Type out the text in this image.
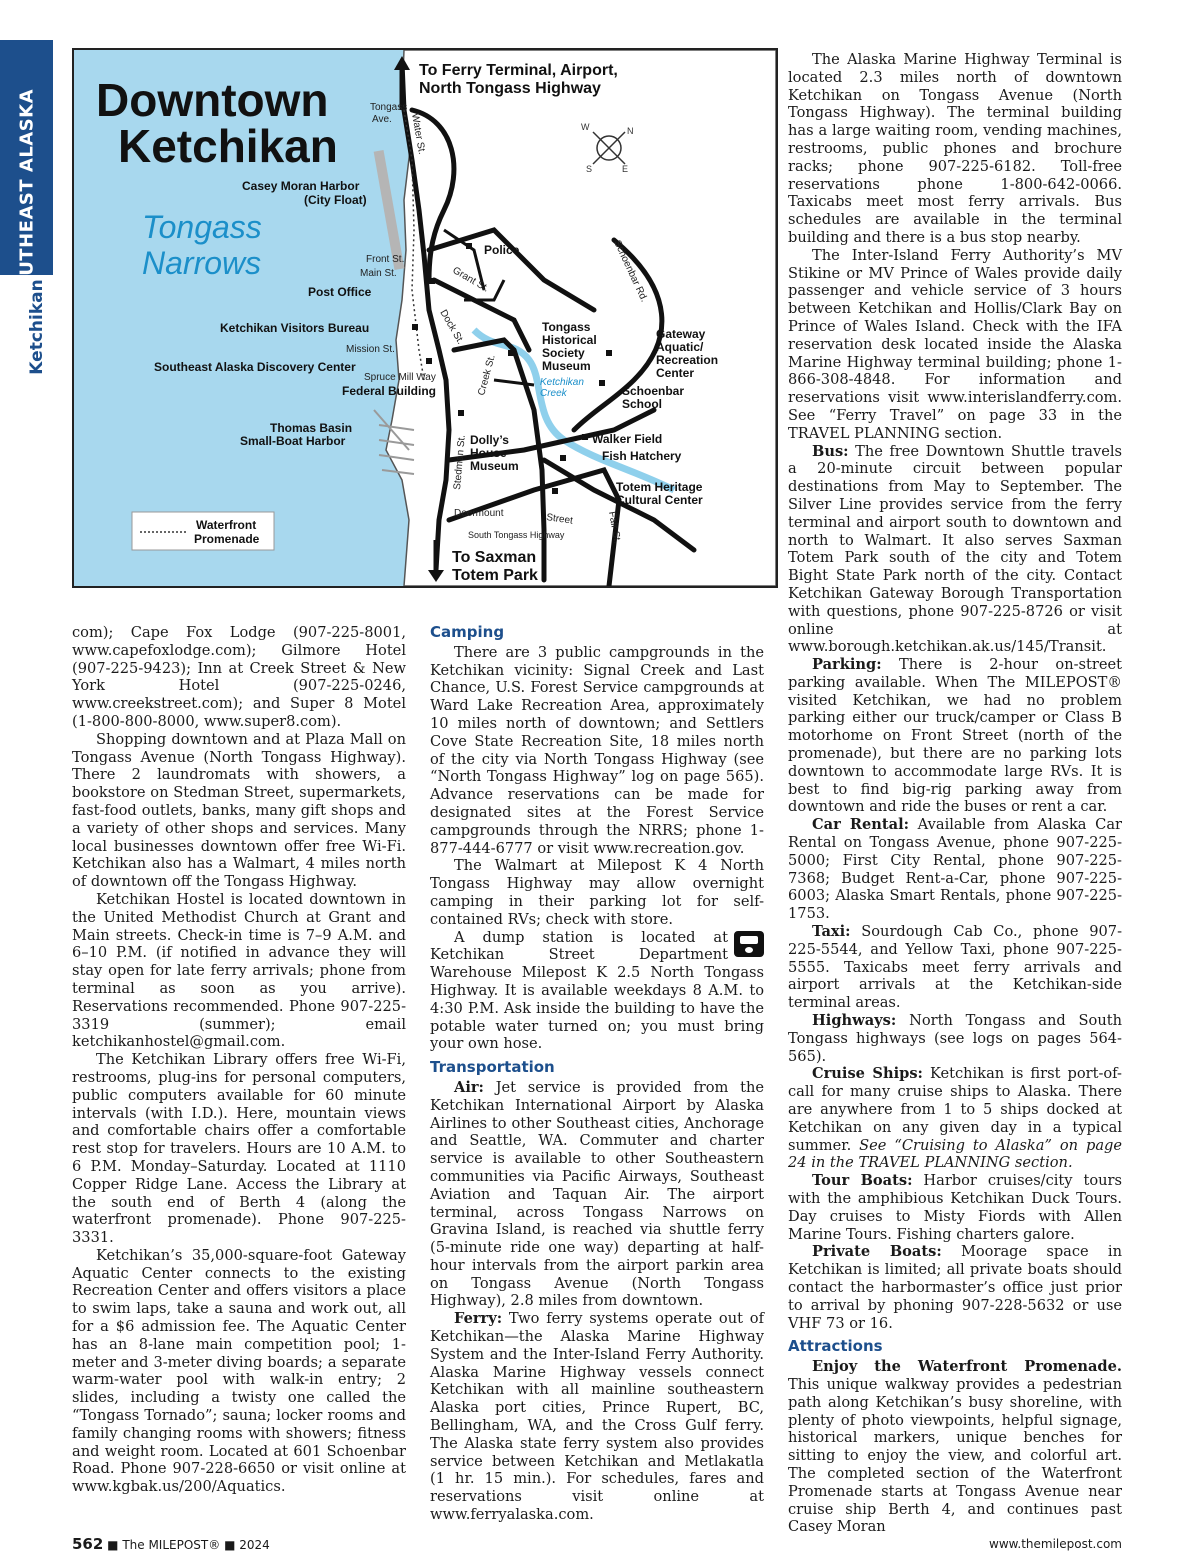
SOUTHEAST ALASKA
Ketchikan
Downtown
Ketchikan
Tongass
Narrows
To Ferry Terminal, Airport,
North Tongass Highway
To Saxman
Totem Park
W	N
S	E
Tongass
Ave. Water St.
Front St.
Main St.	Grant St.
Dock St.
Mission St.
Spruce Mill Way	Creek St.
Stedman St.
Deermount	Street
South Tongass Highway
Schoenbar Rd.
Fair St.
Casey Moran Harbor
(City Float)
Police
Post Office
Ketchikan Visitors Bureau
Southeast Alaska Discovery Center
Federal Building
Thomas Basin
Small-Boat Harbor
Tongass
Historical
Society
Museum
Ketchikan
Creek
Gateway
Aquatic/
Recreation
Center
Schoenbar
School
Walker Field
Fish Hatchery
Dolly’s
House
Museum
Totem Heritage
Cultural Center
Waterfront
Promenade

com); Cape Fox Lodge (907-225-8001, www.capefoxlodge.com); Gilmore Hotel (907-225-9423); Inn at Creek Street & New York Hotel (907-225-0246, www.creekstreet.com); and Super 8 Motel (1-800-800-8000, www.super8.com).

Shopping downtown and at Plaza Mall on Tongass Avenue (North Tongass Highway). There 2 laundromats with showers, a bookstore on Stedman Street, supermarkets, fast-food outlets, banks, many gift shops and a variety of other shops and services. Many local businesses downtown offer free Wi-Fi. Ketchikan also has a Walmart, 4 miles north of downtown off the Tongass Highway.

Ketchikan Hostel is located downtown in the United Methodist Church at Grant and Main streets. Check-in time is 7–9 A.M. and 6–10 P.M. (if notified in advance they will stay open for late ferry arrivals; phone from terminal as soon as you arrive). Reservations recommended. Phone 907-225-3319 (summer); email ketchikanhostel@gmail.com.

The Ketchikan Library offers free Wi-Fi, restrooms, plug-ins for personal computers, public computers available for 60 minute intervals (with I.D.). Here, mountain views and comfortable chairs offer a comfortable rest stop for travelers. Hours are 10 A.M. to 6 P.M. Monday–Saturday. Located at 1110 Copper Ridge Lane. Access the Library at the south end of Berth 4 (along the waterfront promenade). Phone 907-225-3331.

Ketchikan’s 35,000-square-foot Gateway Aquatic Center connects to the existing Recreation Center and offers visitors a place to swim laps, take a sauna and work out, all for a $6 admission fee. The Aquatic Center has an 8-lane main competition pool; 1-meter and 3-meter diving boards; a separate warm-water pool with walk-in entry; 2 slides, including a twisty one called the “Tongass Tornado”; sauna; locker rooms and family changing rooms with showers; fitness and weight room. Located at 601 Schoenbar Road. Phone 907-228-6650 or visit online at www.kgbak.us/200/Aquatics.

Camping

There are 3 public campgrounds in the Ketchikan vicinity: Signal Creek and Last Chance, U.S. Forest Service campgrounds at Ward Lake Recreation Area, approximately 10 miles north of downtown; and Settlers Cove State Recreation Site, 18 miles north of the city via North Tongass Highway (see “North Tongass Highway” log on page 565). Advance reservations can be made for designated sites at the Forest Service campgrounds through the NRRS; phone 1-877-444-6777 or visit www.recreation.gov.

The Walmart at Milepost K 4 North Tongass Highway may allow overnight camping in their parking lot for self-contained RVs; check with store.

A dump station is located at Ketchikan Street Department Warehouse Milepost K 2.5 North Tongass Highway. It is available weekdays 8 A.M. to 4:30 P.M. Ask inside the building to have the potable water turned on; you must bring your own hose.

Transportation

Air: Jet service is provided from the Ketchikan International Airport by Alaska Airlines to other Southeast cities, Anchorage and Seattle, WA. Commuter and charter service is available to other Southeastern communities via Pacific Airways, Southeast Aviation and Taquan Air. The airport terminal, across Tongass Narrows on Gravina Island, is reached via shuttle ferry (5-minute ride one way) departing at half-hour intervals from the airport parkin area on Tongass Avenue (North Tongass Highway), 2.8 miles from downtown.

Ferry: Two ferry systems operate out of Ketchikan—the Alaska Marine Highway System and the Inter-Island Ferry Authority. Alaska Marine Highway vessels connect Ketchikan with all mainline southeastern Alaska port cities, Prince Rupert, BC, Bellingham, WA, and the Cross Gulf ferry. The Alaska state ferry system also provides service between Ketchikan and Metlakatla (1 hr. 15 min.). For schedules, fares and reservations visit online at www.ferryalaska.com.

The Alaska Marine Highway Terminal is located 2.3 miles north of downtown Ketchikan on Tongass Avenue (North Tongass Highway). The terminal building has a large waiting room, vending machines, restrooms, public phones and brochure racks; phone 907-225-6182. Toll-free reservations phone 1-800-642-0066. Taxicabs meet most ferry arrivals. Bus schedules are available in the terminal building and there is a bus stop nearby.

The Inter-Island Ferry Authority’s MV Stikine or MV Prince of Wales provide daily passenger and vehicle service of 3 hours between Ketchikan and Hollis/Clark Bay on Prince of Wales Island. Check with the IFA reservation desk located inside the Alaska Marine Highway terminal building; phone 1-866-308-4848. For information and reservations visit www.interislandferry.com. See “Ferry Travel” on page 33 in the TRAVEL PLANNING section.

Bus: The free Downtown Shuttle travels a 20-minute circuit between popular destinations from May to September. The Silver Line provides service from the ferry terminal and airport south to downtown and north to Walmart. It also serves Saxman Totem Park south of the city and Totem Bight State Park north of the city. Contact Ketchikan Gateway Borough Transportation with questions, phone 907-225-8726 or visit online at www.borough.ketchikan.ak.us/145/Transit.

Parking: There is 2-hour on-street parking available. When The MILEPOST® visited Ketchikan, we had no problem parking either our truck/camper or Class B motorhome on Front Street (north of the promenade), but there are no parking lots downtown to accommodate large RVs. It is best to find big-rig parking away from downtown and ride the buses or rent a car.

Car Rental: Available from Alaska Car Rental on Tongass Avenue, phone 907-225-5000; First City Rental, phone 907-225-7368; Budget Rent-a-Car, phone 907-225-6003; Alaska Smart Rentals, phone 907-225-1753.

Taxi: Sourdough Cab Co., phone 907-225-5544, and Yellow Taxi, phone 907-225-5555. Taxicabs meet ferry arrivals and airport arrivals at the Ketchikan-side terminal areas.

Highways: North Tongass and South Tongass highways (see logs on pages 564-565).

Cruise Ships: Ketchikan is first port-of-call for many cruise ships to Alaska. There are anywhere from 1 to 5 ships docked at Ketchikan on any given day in a typical summer. See “Cruising to Alaska” on page 24 in the TRAVEL PLANNING section.

Tour Boats: Harbor cruises/city tours with the amphibious Ketchikan Duck Tours. Day cruises to Misty Fiords with Allen Marine Tours. Fishing charters galore.

Private Boats: Moorage space in Ketchikan is limited; all private boats should contact the harbormaster’s office just prior to arrival by phoning 907-228-5632 or use VHF 73 or 16.

Attractions

Enjoy the Waterfront Promenade. This unique walkway provides a pedestrian path along Ketchikan’s busy shoreline, with plenty of photo viewpoints, helpful signage, historical markers, unique benches for sitting to enjoy the view, and colorful art. The completed section of the Waterfront Promenade starts at Tongass Avenue near cruise ship Berth 4, and continues past Casey Moran

562 ■ The MILEPOST® ■ 2024	www.themilepost.com
